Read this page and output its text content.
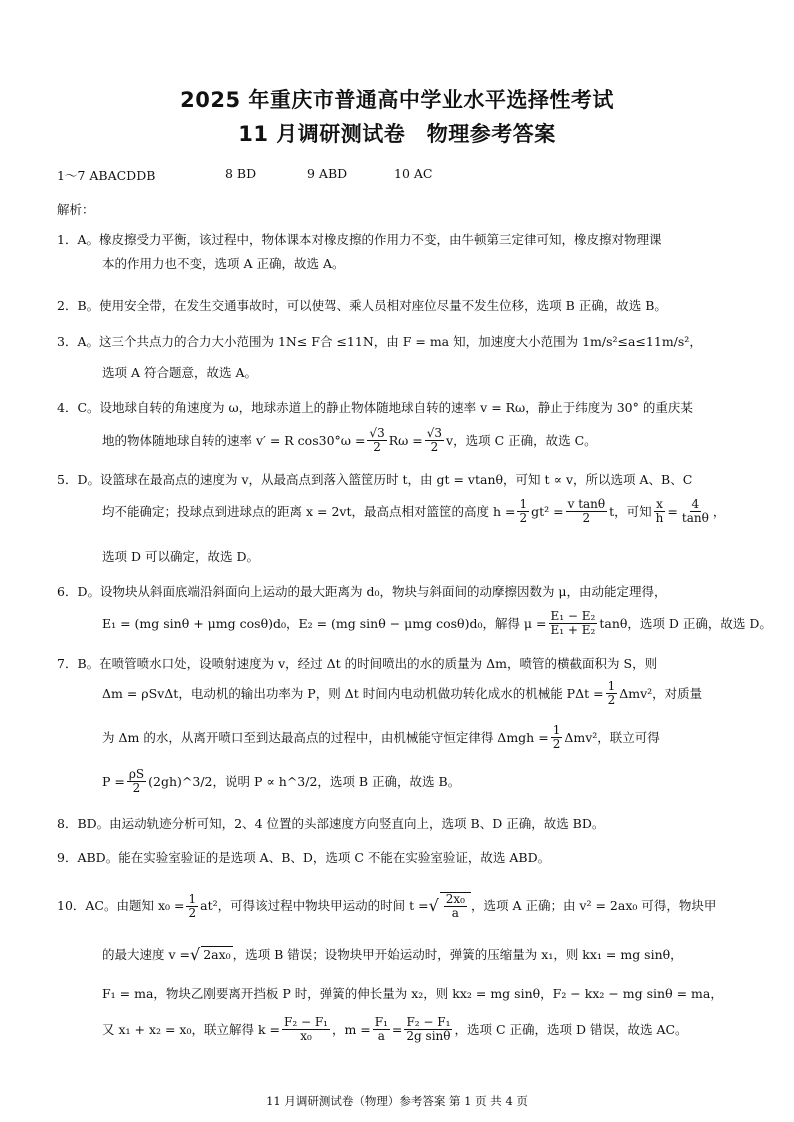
2025 年重庆市普通高中学业水平选择性考试
11 月调研测试卷　物理参考答案
1～7 ABACDDB	8 BD	9 ABD	10 AC
解析：
1．A。橡皮擦受力平衡，该过程中，物体课本对橡皮擦的作用力不变，由牛顿第三定律可知，橡皮擦对物理课
本的作用力也不变，选项 A 正确，故选 A。
2．B。使用安全带，在发生交通事故时，可以使驾、乘人员相对座位尽量不发生位移，选项 B 正确，故选 B。
3．A。这三个共点力的合力大小范围为 1N≤ F合 ≤11N，由 F = ma 知，加速度大小范围为 1m/s²≤a≤11m/s²，
选项 A 符合题意，故选 A。
4．C。设地球自转的角速度为 ω，地球赤道上的静止物体随地球自转的速率 v = Rω，静止于纬度为 30° 的重庆某
地的物体随地球自转的速率 v′ = R $\cos 30^\circ\omega = \frac{√3}{2}$ $R\omega = \frac{√3}{2}$ v，选项 C 正确，故选 C。
5．D。设篮球在最高点的速度为 v，从最高点到落入篮筐历时 t，由 gt = vtanθ，可知 t ∝ v，所以选项 A、B、C
均不能确定；投球点到进球点的距离 x = 2vt，最高点相对篮筐的高度 $h = \frac{1}{2} gt^2 = \frac{\text{v tanθ}}{2}$ t，可知 $\frac{x}{h} = \frac{4}{\tan\theta}$ ，
选项 D 可以确定，故选 D。
6．D。设物块从斜面底端沿斜面向上运动的最大距离为 d₀，物块与斜面间的动摩擦因数为 μ，由动能定理得，
E₁ = (mg sinθ + μmg cosθ)d₀，E₂ = (mg sinθ − μmg cosθ)d₀，解得 $\mu = \frac{\text{E₁ − E₂}}{\text{E₁ + E₂}}$ tanθ，选项 D 正确，故选 D。
7．B。在喷管喷水口处，设喷射速度为 v，经过 Δt 的时间喷出的水的质量为 Δm，喷管的横截面积为 S，则
Δm = ρSvΔt，电动机的输出功率为 P，则 Δt 时间内电动机做功转化成水的机械能 $P\Delta t = \frac{1}{2} \Delta mv^2$，对质量
为 Δm 的水，从离开喷口至到达最高点的过程中，由机械能守恒定律得 $\Delta mgh = \frac{1}{2} \Delta mv^2$，联立可得
$P = \frac{\rho S}{2}$ (2gh)^3/2，说明 P ∝ h^3/2，选项 B 正确，故选 B。
8．BD。由运动轨迹分析可知，2、4 位置的头部速度方向竖直向上，选项 B、D 正确，故选 BD。
9．ABD。能在实验室验证的是选项 A、B、D，选项 C 不能在实验室验证，故选 ABD。
10．AC。由题知 $x_0 = \frac{1}{2} at^2$，可得该过程中物块甲运动的时间 t = √ $\frac{\text{2x₀}}{a}$ ，选项 A 正确；由 v² = 2ax₀ 可得，物块甲
的最大速度 v = √ 2ax₀ ，选项 B 错误；设物块甲开始运动时，弹簧的压缩量为 x₁，则 kx₁ = mg sinθ，
F₁ = ma，物块乙刚要离开挡板 P 时，弹簧的伸长量为 x₂，则 kx₂ = mg sinθ，F₂ − kx₂ − mg sinθ = ma，
又 x₁ + x₂ = x₀，联立解得 $k = \frac{\text{F₂ − F₁}}{\text{x₀}}$ ，$m = \frac{\text{F₁}}{a} = \frac{\text{F₂ − F₁}}{\text{2g sinθ}}$ ，选项 C 正确，选项 D 错误，故选 AC。
11 月调研测试卷（物理）参考答案 第 1 页 共 4 页
